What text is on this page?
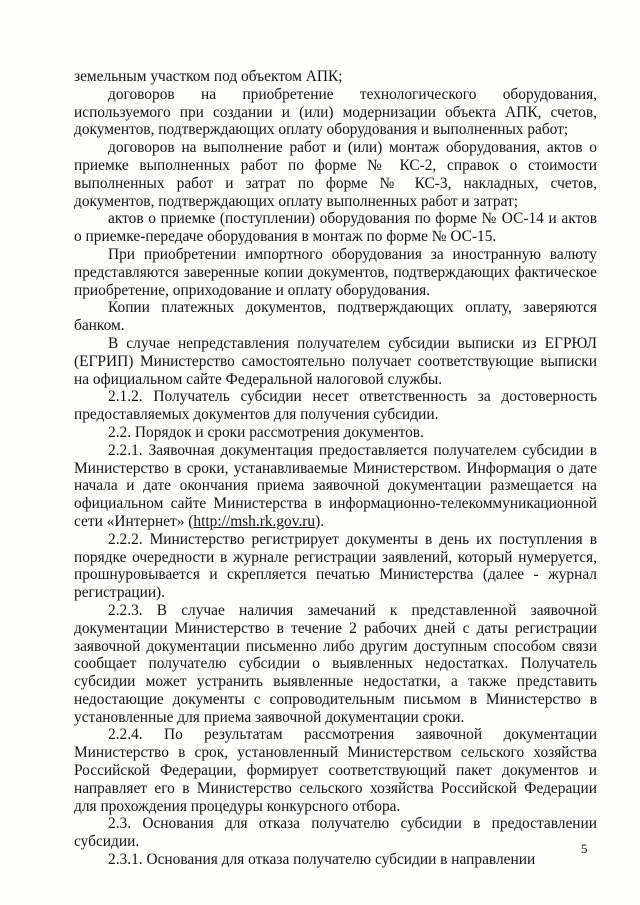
земельным участком под объектом АПК;

договоров на приобретение технологического оборудования, используемого при создании и (или) модернизации объекта АПК, счетов, документов, подтверждающих оплату оборудования и выполненных работ;

договоров на выполнение работ и (или) монтаж оборудования, актов о приемке выполненных работ по форме № КС-2, справок о стоимости выполненных работ и затрат по форме № КС-3, накладных, счетов, документов, подтверждающих оплату выполненных работ и затрат;

актов о приемке (поступлении) оборудования по форме № ОС-14 и актов о приемке-передаче оборудования в монтаж по форме № ОС-15.

При приобретении импортного оборудования за иностранную валюту представляются заверенные копии документов, подтверждающих фактическое приобретение, оприходование и оплату оборудования.

Копии платежных документов, подтверждающих оплату, заверяются банком.

В случае непредставления получателем субсидии выписки из ЕГРЮЛ (ЕГРИП) Министерство самостоятельно получает соответствующие выписки на официальном сайте Федеральной налоговой службы.

2.1.2. Получатель субсидии несет ответственность за достоверность предоставляемых документов для получения субсидии.

2.2. Порядок и сроки рассмотрения документов.

2.2.1. Заявочная документация предоставляется получателем субсидии в Министерство в сроки, устанавливаемые Министерством. Информация о дате начала и дате окончания приема заявочной документации размещается на официальном сайте Министерства в информационно-телекоммуникационной сети «Интернет» (http://msh.rk.gov.ru).

2.2.2. Министерство регистрирует документы в день их поступления в порядке очередности в журнале регистрации заявлений, который нумеруется, прошнуровывается и скрепляется печатью Министерства (далее - журнал регистрации).

2.2.3. В случае наличия замечаний к представленной заявочной документации Министерство в течение 2 рабочих дней с даты регистрации заявочной документации письменно либо другим доступным способом связи сообщает получателю субсидии о выявленных недостатках. Получатель субсидии может устранить выявленные недостатки, а также представить недостающие документы с сопроводительным письмом в Министерство в установленные для приема заявочной документации сроки.

2.2.4. По результатам рассмотрения заявочной документации Министерство в срок, установленный Министерством сельского хозяйства Российской Федерации, формирует соответствующий пакет документов и направляет его в Министерство сельского хозяйства Российской Федерации для прохождения процедуры конкурсного отбора.

2.3. Основания для отказа получателю субсидии в предоставлении субсидии.

2.3.1. Основания для отказа получателю субсидии в направлении

5
